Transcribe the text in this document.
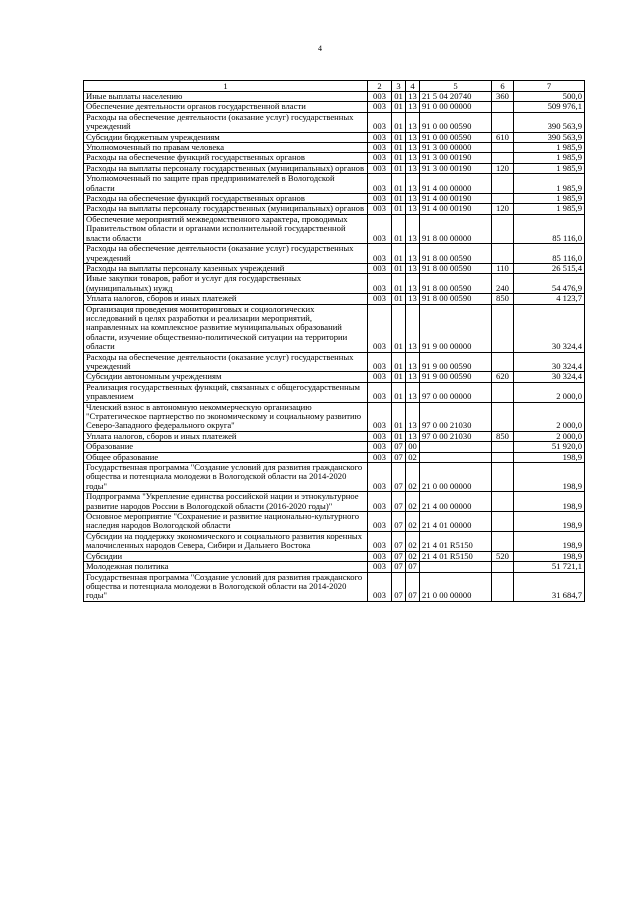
4
1	2	3	4	5	6	7
Иные выплаты населению	003	01	13	21 5 04 20740	360	500,0
Обеспечение деятельности органов государственной власти	003	01	13	91 0 00 00000		509 976,1
Расходы на обеспечение деятельности (оказание услуг) государственных учреждений	003	01	13	91 0 00 00590		390 563,9
Субсидии бюджетным учреждениям	003	01	13	91 0 00 00590	610	390 563,9
Уполномоченный по правам человека	003	01	13	91 3 00 00000		1 985,9
Расходы на обеспечение функций государственных органов	003	01	13	91 3 00 00190		1 985,9
Расходы на выплаты персоналу государственных (муниципальных) органов	003	01	13	91 3 00 00190	120	1 985,9
Уполномоченный по защите прав предпринимателей в Вологодской области	003	01	13	91 4 00 00000		1 985,9
Расходы на обеспечение функций государственных органов	003	01	13	91 4 00 00190		1 985,9
Расходы на выплаты персоналу государственных (муниципальных) органов	003	01	13	91 4 00 00190	120	1 985,9
Обеспечение мероприятий межведомственного характера, проводимых Правительством области и органами исполнительной государственной власти области	003	01	13	91 8 00 00000		85 116,0
Расходы на обеспечение деятельности (оказание услуг) государственных учреждений	003	01	13	91 8 00 00590		85 116,0
Расходы на выплаты персоналу казенных учреждений	003	01	13	91 8 00 00590	110	26 515,4
Иные закупки товаров, работ и услуг для государственных (муниципальных) нужд	003	01	13	91 8 00 00590	240	54 476,9
Уплата налогов, сборов и иных платежей	003	01	13	91 8 00 00590	850	4 123,7
Организация проведения мониторинговых и социологических исследований в целях разработки и реализации мероприятий, направленных на комплексное развитие муниципальных образований области, изучение общественно-политической ситуации на территории области	003	01	13	91 9 00 00000		30 324,4
Расходы на обеспечение деятельности (оказание услуг) государственных учреждений	003	01	13	91 9 00 00590		30 324,4
Субсидии автономным учреждениям	003	01	13	91 9 00 00590	620	30 324,4
Реализация государственных функций, связанных с общегосударственным управлением	003	01	13	97 0 00 00000		2 000,0
Членский взнос в автономную некоммерческую организацию "Стратегическое партнерство по экономическому и социальному развитию Северо-Западного федерального округа"	003	01	13	97 0 00 21030		2 000,0
Уплата налогов, сборов и иных платежей	003	01	13	97 0 00 21030	850	2 000,0
Образование	003	07	00			51 920,0
Общее образование	003	07	02			198,9
Государственная программа "Создание условий для развития гражданского общества и потенциала молодежи в Вологодской области на 2014-2020 годы"	003	07	02	21 0 00 00000		198,9
Подпрограмма "Укрепление единства российской нации и этнокультурное развитие народов России в Вологодской области (2016-2020 годы)"	003	07	02	21 4 00 00000		198,9
Основное мероприятие "Сохранение и развитие национально-культурного наследия народов Вологодской области	003	07	02	21 4 01 00000		198,9
Субсидии на поддержку экономического и социального развития коренных малочисленных народов Севера, Сибири и Дальнего Востока	003	07	02	21 4 01 R5150		198,9
Субсидии	003	07	02	21 4 01 R5150	520	198,9
Молодежная политика	003	07	07			51 721,1
Государственная программа "Создание условий для развития гражданского общества и потенциала молодежи в Вологодской области на 2014-2020 годы"	003	07	07	21 0 00 00000		31 684,7
